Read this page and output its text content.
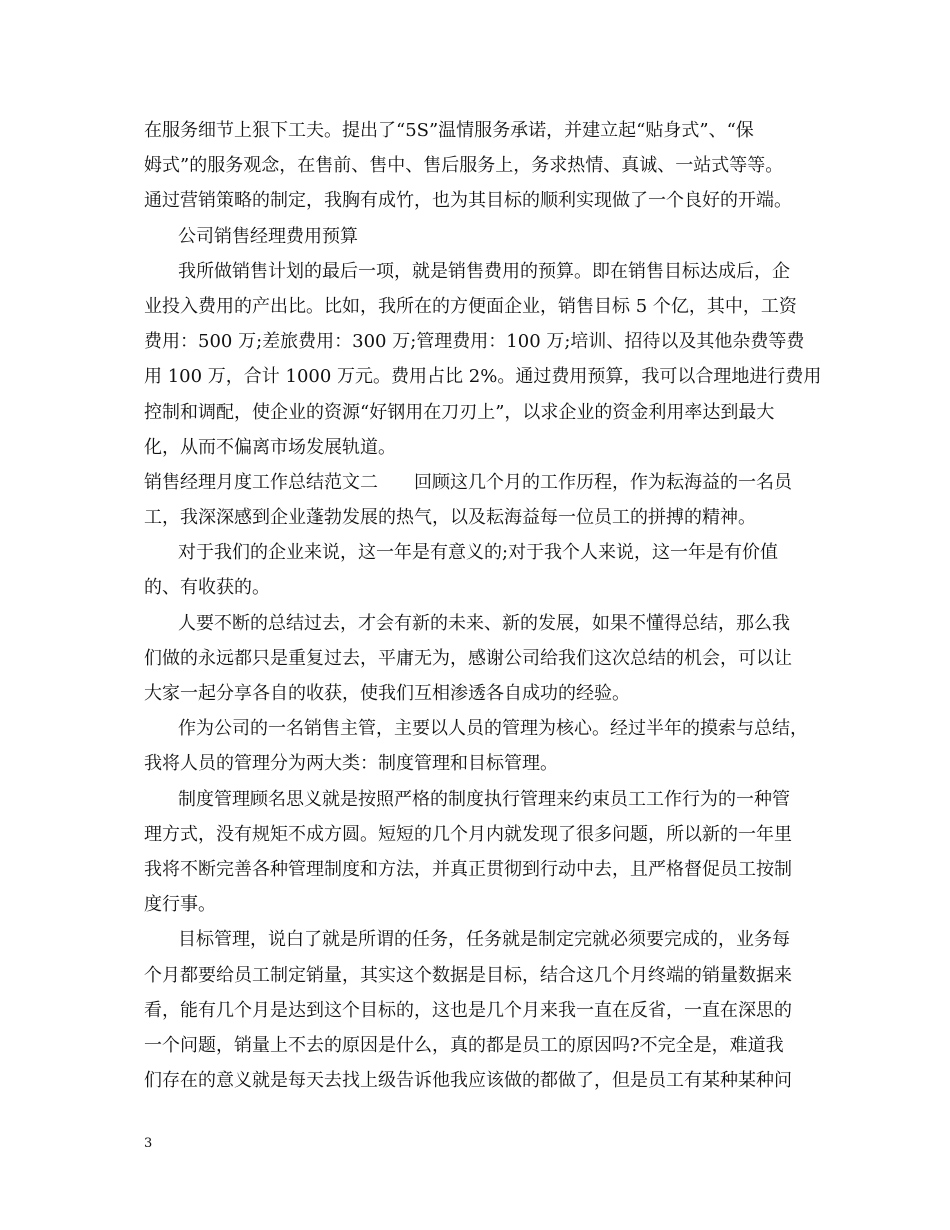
在服务细节上狠下工夫。提出了“5S”温情服务承诺，并建立起“贴身式”、“保
姆式”的服务观念，在售前、售中、售后服务上，务求热情、真诚、一站式等等。
通过营销策略的制定，我胸有成竹，也为其目标的顺利实现做了一个良好的开端。
公司销售经理费用预算
我所做销售计划的最后一项，就是销售费用的预算。即在销售目标达成后，企
业投入费用的产出比。比如，我所在的方便面企业，销售目标 5 个亿，其中，工资
费用：500 万;差旅费用：300 万;管理费用：100 万;培训、招待以及其他杂费等费
用 100 万，合计 1000 万元。费用占比 2%。通过费用预算，我可以合理地进行费用
控制和调配，使企业的资源“好钢用在刀刃上”，以求企业的资金利用率达到最大
化，从而不偏离市场发展轨道。
销售经理月度工作总结范文二　　回顾这几个月的工作历程，作为耘海益的一名员
工，我深深感到企业蓬勃发展的热气，以及耘海益每一位员工的拼搏的精神。
对于我们的企业来说，这一年是有意义的;对于我个人来说，这一年是有价值
的、有收获的。
人要不断的总结过去，才会有新的未来、新的发展，如果不懂得总结，那么我
们做的永远都只是重复过去，平庸无为，感谢公司给我们这次总结的机会，可以让
大家一起分享各自的收获，使我们互相渗透各自成功的经验。
作为公司的一名销售主管，主要以人员的管理为核心。经过半年的摸索与总结，
我将人员的管理分为两大类：制度管理和目标管理。
制度管理顾名思义就是按照严格的制度执行管理来约束员工工作行为的一种管
理方式，没有规矩不成方圆。短短的几个月内就发现了很多问题，所以新的一年里
我将不断完善各种管理制度和方法，并真正贯彻到行动中去，且严格督促员工按制
度行事。
目标管理，说白了就是所谓的任务，任务就是制定完就必须要完成的，业务每
个月都要给员工制定销量，其实这个数据是目标，结合这几个月终端的销量数据来
看，能有几个月是达到这个目标的，这也是几个月来我一直在反省，一直在深思的
一个问题，销量上不去的原因是什么，真的都是员工的原因吗?不完全是，难道我
们存在的意义就是每天去找上级告诉他我应该做的都做了，但是员工有某种某种问
3
